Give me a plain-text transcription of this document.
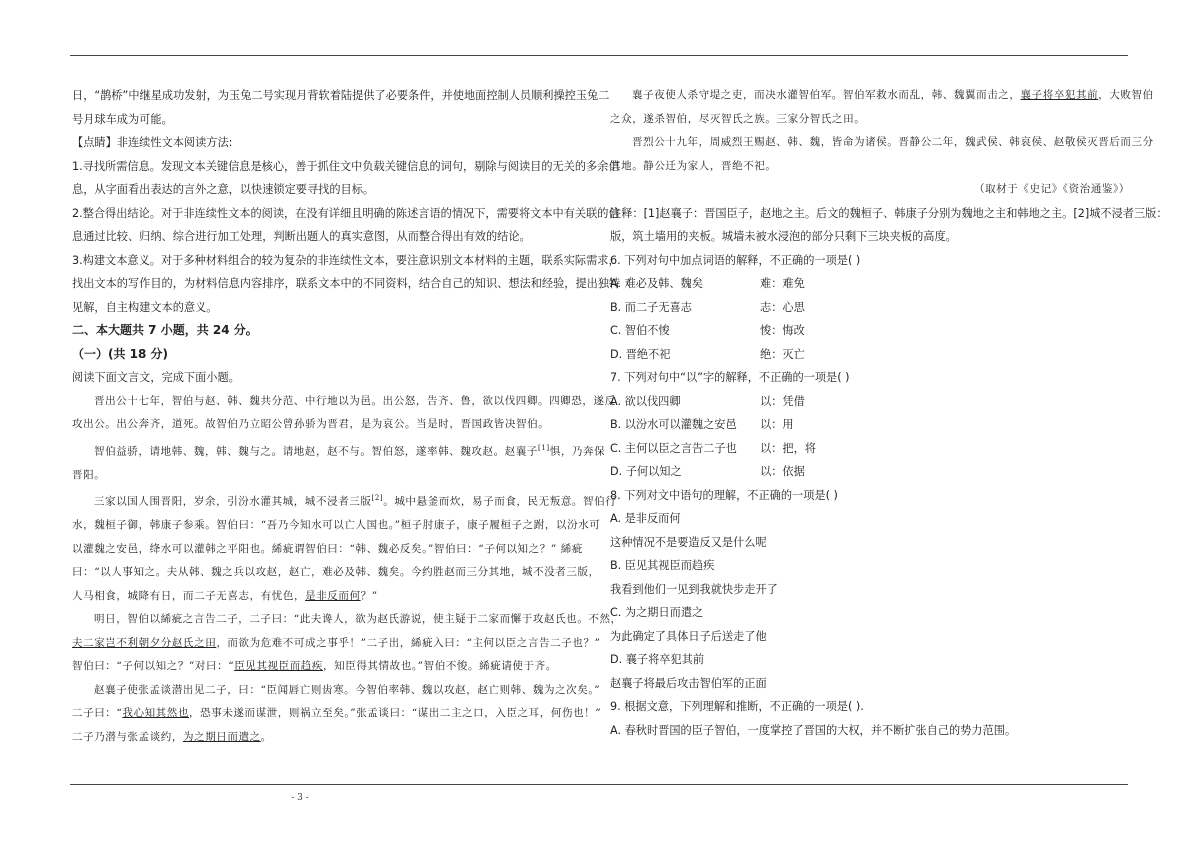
日，“鹊桥”中继星成功发射，为玉兔二号实现月背软着陆提供了必要条件，并使地面控制人员顺利操控玉兔二

号月球车成为可能。

【点睛】非连续性文本阅读方法:

1.寻找所需信息。发现文本关键信息是核心，善于抓住文中负载关键信息的词句，剔除与阅读目的无关的多余信

息，从字面看出表达的言外之意，以快速锁定要寻找的目标。

2.整合得出结论。对于非连续性文本的阅读，在没有详细且明确的陈述言语的情况下，需要将文本中有关联的信

息通过比较、归纳、综合进行加工处理，判断出题人的真实意图，从而整合得出有效的结论。

3.构建文本意义。对于多种材料组合的较为复杂的非连续性文本，要注意识别文本材料的主题，联系实际需求，

找出文本的写作目的，为材料信息内容排序，联系文本中的不同资料，结合自己的知识、想法和经验，提出独特

见解，自主构建文本的意义。

二、本大题共 7 小题，共 24 分。

（一）(共 18 分)

阅读下面文言文，完成下面小题。

晋出公十七年，智伯与赵、韩、魏共分范、中行地以为邑。出公怒，告齐、鲁，欲以伐四卿。四卿恐，遂反

攻出公。出公奔齐，道死。故智伯乃立昭公曾孙骄为晋君，是为哀公。当是时，晋国政皆决智伯。

智伯益骄，请地韩、魏，韩、魏与之。请地赵，赵不与。智伯怒，遂率韩、魏攻赵。赵襄子[1]惧，乃奔保

晋阳。

三家以国人围晋阳，岁余，引汾水灌其城，城不浸者三版[2]。城中悬釜而炊，易子而食，民无叛意。智伯行

水，魏桓子御，韩康子参乘。智伯曰：“吾乃今知水可以亡人国也。”桓子肘康子，康子履桓子之跗，以汾水可

以灌魏之安邑，绛水可以灌韩之平阳也。絺疵谓智伯曰：“韩、魏必反矣。”智伯曰：“子何以知之？” 絺疵

曰：“以人事知之。夫从韩、魏之兵以攻赵，赵亡，难必及韩、魏矣。今约胜赵而三分其地，城不没者三版，

人马相食，城降有日，而二子无喜志，有忧色，是非反而何？”

明日，智伯以絺疵之言告二子，二子曰：“此夫谗人，欲为赵氏游说，使主疑于二家而懈于攻赵氏也。不然，

夫二家岂不利朝夕分赵氏之田，而欲为危难不可成之事乎！”二子出，絺疵入曰：“主何以臣之言告二子也？”

智伯曰：“子何以知之？”对曰：“臣见其视臣而趋疾，知臣得其情故也。”智伯不悛。絺疵请使于齐。

赵襄子使张孟谈潜出见二子，曰：“臣闻唇亡则齿寒。今智伯率韩、魏以攻赵，赵亡则韩、魏为之次矣。”

二子曰：“我心知其然也，恐事未遂而谋泄，则祸立至矣。”张孟谈曰：“谋出二主之口，入臣之耳，何伤也！”

二子乃潜与张孟谈约，为之期日而遣之。

襄子夜使人杀守堤之吏，而决水灌智伯军。智伯军救水而乱，韩、魏翼而击之，襄子将卒犯其前，大败智伯

之众，遂杀智伯，尽灭智氏之族。三家分智氏之田。

晋烈公十九年，周威烈王赐赵、韩、魏，皆命为诸侯。晋静公二年，魏武侯、韩哀侯、赵敬侯灭晋后而三分

其地。静公迁为家人，晋绝不祀。

（取材于《史记》《资治通鉴》）

注释：[1]赵襄子：晋国臣子，赵地之主。后文的魏桓子、韩康子分别为魏地之主和韩地之主。[2]城不浸者三版：

版，筑土墙用的夹板。城墙未被水浸泡的部分只剩下三块夹板的高度。

6. 下列对句中加点词语的解释，不正确的一项是( )

A. 难必及韩、魏矣	难：难免
B. 而二子无喜志	志：心思
C. 智伯不悛	悛：悔改
D. 晋绝不祀	绝：灭亡

7. 下列对句中“以”字的解释，不正确的一项是( )

A. 欲以伐四卿	以：凭借
B. 以汾水可以灌魏之安邑	以：用
C. 主何以臣之言告二子也	以：把，将
D. 子何以知之	以：依据

8. 下列对文中语句的理解，不正确的一项是( )

A. 是非反而何

这种情况不是要造反又是什么呢

B. 臣见其视臣而趋疾

我看到他们一见到我就快步走开了

C. 为之期日而遣之

为此确定了具体日子后送走了他

D. 襄子将卒犯其前

赵襄子将最后攻击智伯军的正面

9. 根据文意，下列理解和推断，不正确的一项是( ).

A. 春秋时晋国的臣子智伯，一度掌控了晋国的大权，并不断扩张自己的势力范围。

- 3 -
